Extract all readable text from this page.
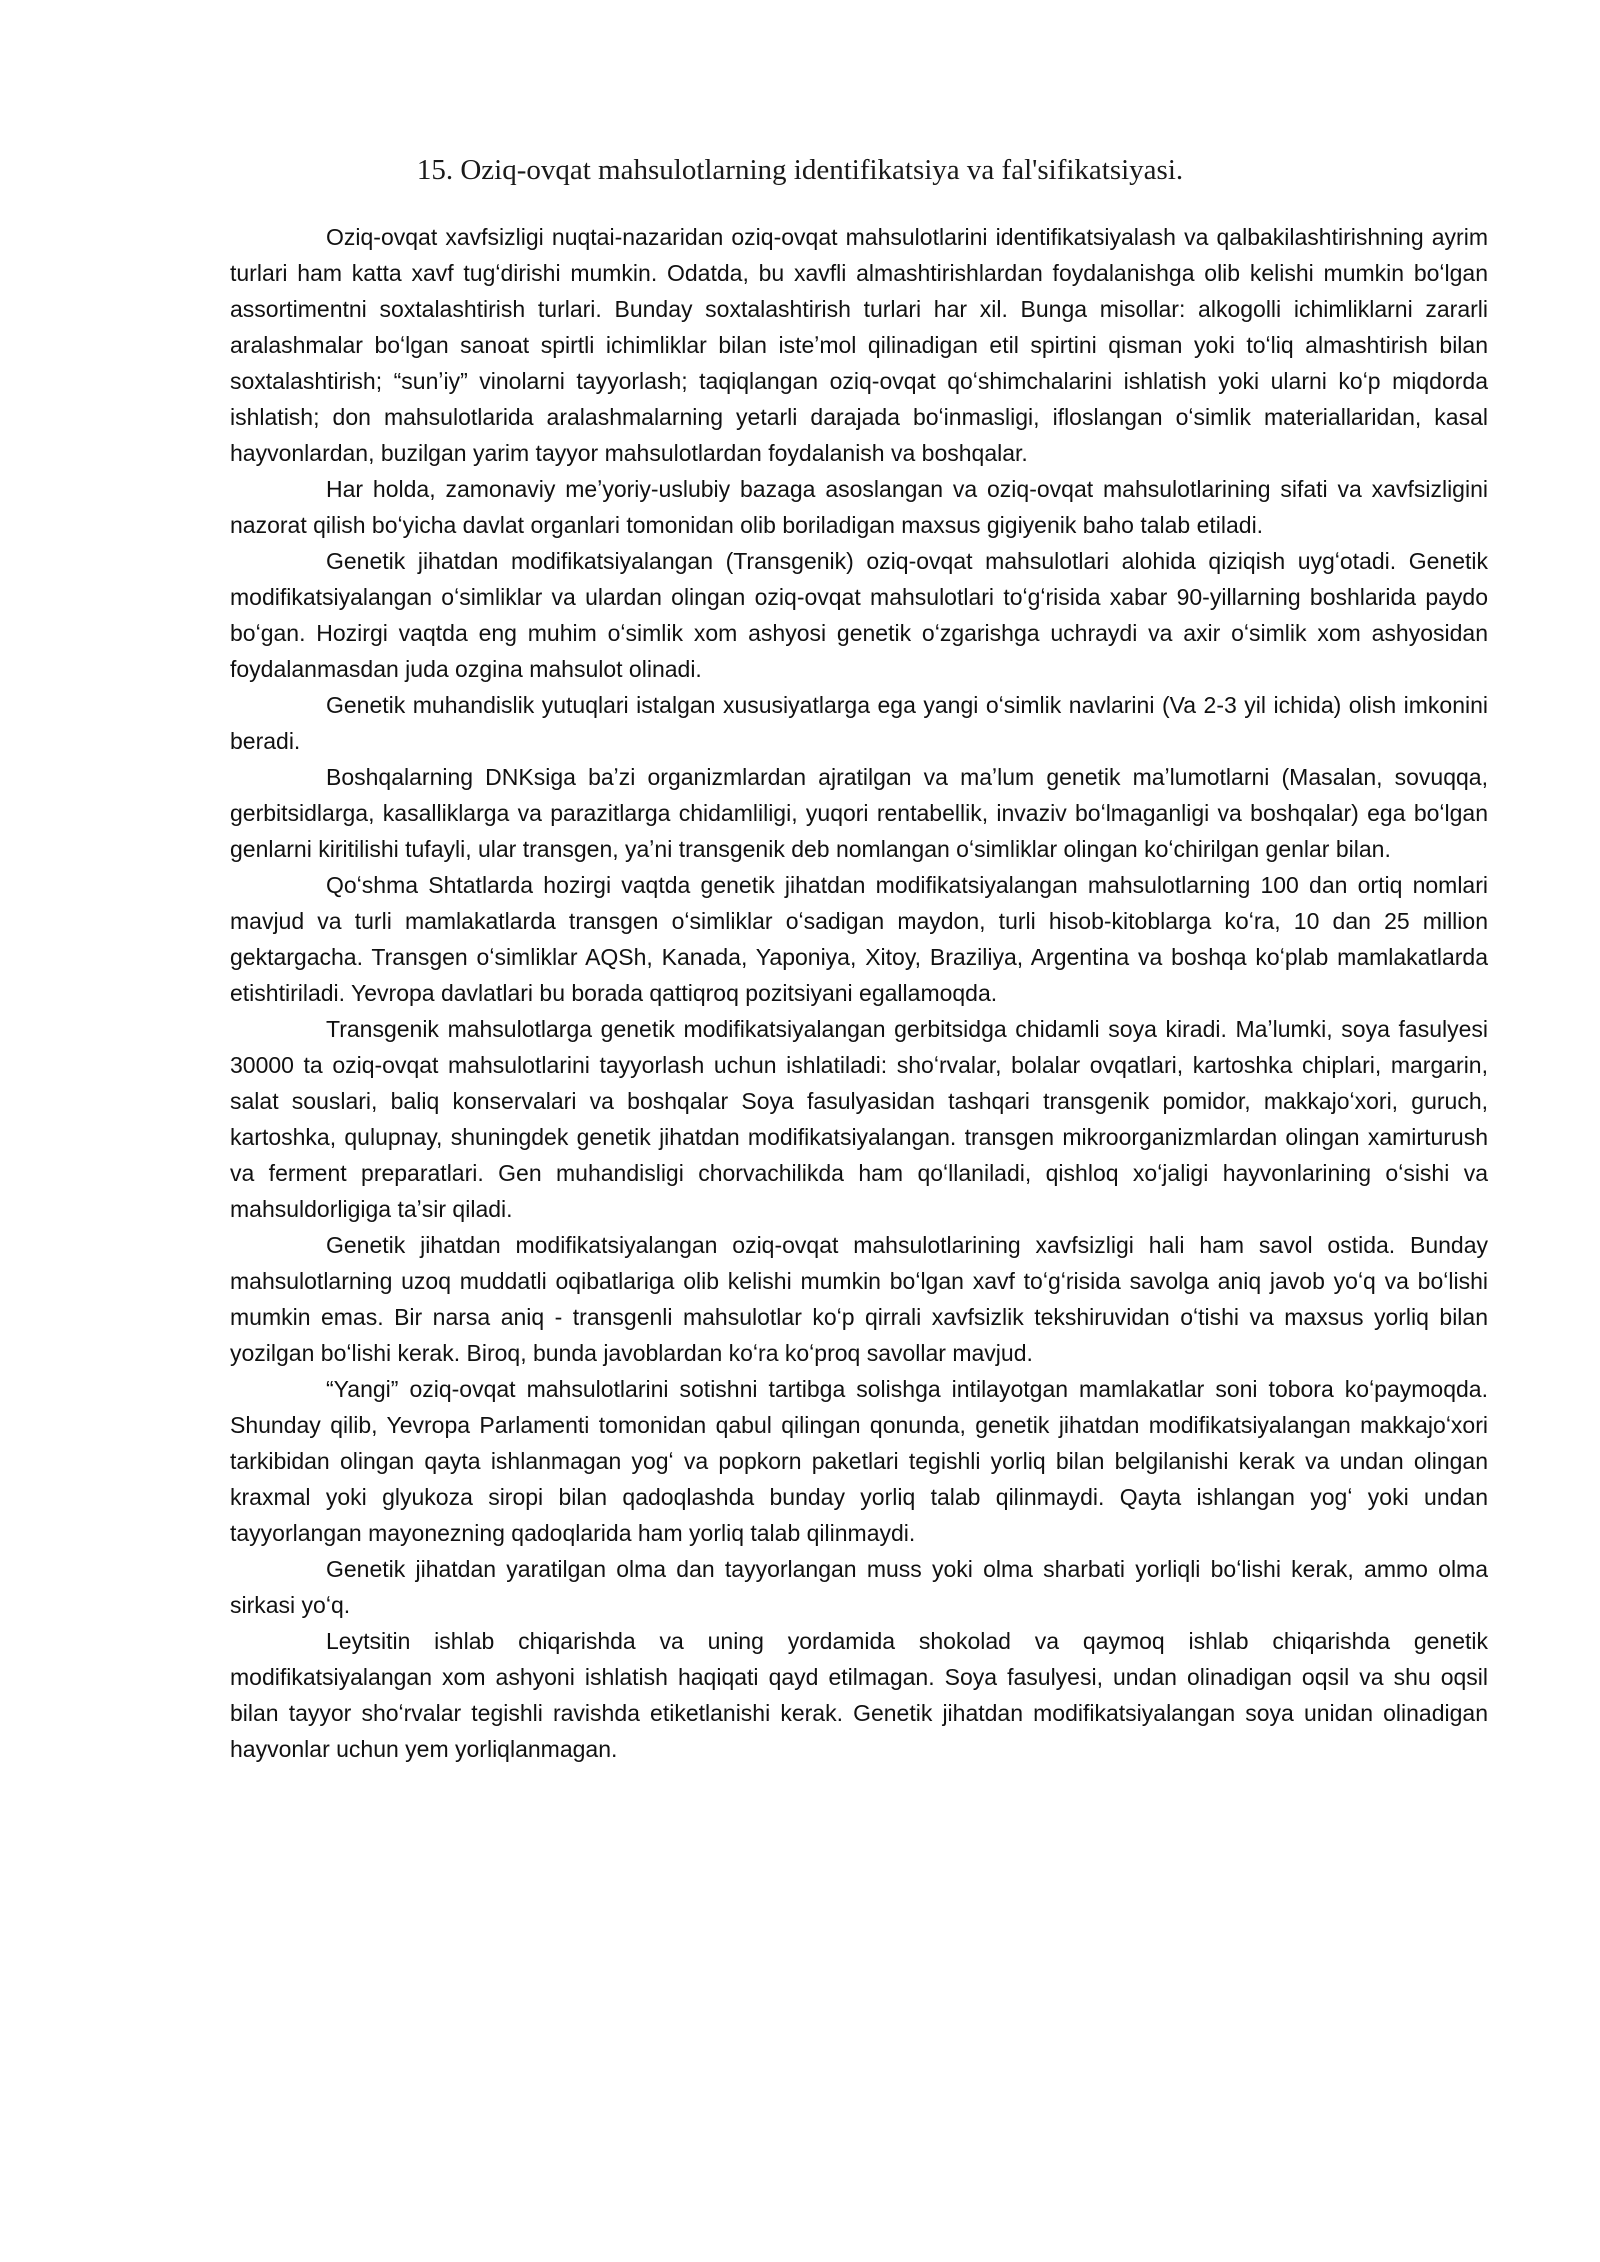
15. Oziq-ovqat mahsulotlarning identifikatsiya va fal'sifikatsiyasi.

Oziq-ovqat xavfsizligi nuqtai-nazaridan oziq-ovqat mahsulotlarini identifikatsiyalash va qalbakilashtirishning ayrim turlari ham katta xavf tugʻdirishi mumkin. Odatda, bu xavfli almashtirishlardan foydalanishga olib kelishi mumkin boʻlgan assortimentni soxtalashtirish turlari. Bunday soxtalashtirish turlari har xil. Bunga misollar: alkogolli ichimliklarni zararli aralashmalar boʻlgan sanoat spirtli ichimliklar bilan isteʼmol qilinadigan etil spirtini qisman yoki toʻliq almashtirish bilan soxtalashtirish; “sunʼiy” vinolarni tayyorlash; taqiqlangan oziq-ovqat qoʻshimchalarini ishlatish yoki ularni koʻp miqdorda ishlatish; don mahsulotlarida aralashmalarning yetarli darajada boʻinmasligi, ifloslangan oʻsimlik materiallaridan, kasal hayvonlardan, buzilgan yarim tayyor mahsulotlardan foydalanish va boshqalar.

Har holda, zamonaviy meʼyoriy-uslubiy bazaga asoslangan va oziq-ovqat mahsulotlarining sifati va xavfsizligini nazorat qilish boʻyicha davlat organlari tomonidan olib boriladigan maxsus gigiyenik baho talab etiladi.

Genetik jihatdan modifikatsiyalangan (Transgenik) oziq-ovqat mahsulotlari alohida qiziqish uygʻotadi. Genetik modifikatsiyalangan oʻsimliklar va ulardan olingan oziq-ovqat mahsulotlari toʻgʻrisida xabar 90-yillarning boshlarida paydo boʻgan. Hozirgi vaqtda eng muhim oʻsimlik xom ashyosi genetik oʻzgarishga uchraydi va axir oʻsimlik xom ashyosidan foydalanmasdan juda ozgina mahsulot olinadi.

Genetik muhandislik yutuqlari istalgan xususiyatlarga ega yangi oʻsimlik navlarini (Va 2-3 yil ichida) olish imkonini beradi.

Boshqalarning DNKsiga baʼzi organizmlardan ajratilgan va maʼlum genetik maʼlumotlarni (Masalan, sovuqqa, gerbitsidlarga, kasalliklarga va parazitlarga chidamliligi, yuqori rentabellik, invaziv boʻlmaganligi va boshqalar) ega boʻlgan genlarni kiritilishi tufayli, ular transgen, yaʼni transgenik deb nomlangan oʻsimliklar olingan koʻchirilgan genlar bilan.

Qoʻshma Shtatlarda hozirgi vaqtda genetik jihatdan modifikatsiyalangan mahsulotlarning 100 dan ortiq nomlari mavjud va turli mamlakatlarda transgen oʻsimliklar oʻsadigan maydon, turli hisob-kitoblarga koʻra, 10 dan 25 million gektargacha. Transgen oʻsimliklar AQSh, Kanada, Yaponiya, Xitoy, Braziliya, Argentina va boshqa koʻplab mamlakatlarda etishtiriladi. Yevropa davlatlari bu borada qattiqroq pozitsiyani egallamoqda.

Transgenik mahsulotlarga genetik modifikatsiyalangan gerbitsidga chidamli soya kiradi. Maʼlumki, soya fasulyesi 30000 ta oziq-ovqat mahsulotlarini tayyorlash uchun ishlatiladi: shoʻrvalar, bolalar ovqatlari, kartoshka chiplari, margarin, salat souslari, baliq konservalari va boshqalar Soya fasulyasidan tashqari transgenik pomidor, makkajoʻxori, guruch, kartoshka, qulupnay, shuningdek genetik jihatdan modifikatsiyalangan. transgen mikroorganizmlardan olingan xamirturush va ferment preparatlari. Gen muhandisligi chorvachilikda ham qoʻllaniladi, qishloq xoʻjaligi hayvonlarining oʻsishi va mahsuldorligiga taʼsir qiladi.

Genetik jihatdan modifikatsiyalangan oziq-ovqat mahsulotlarining xavfsizligi hali ham savol ostida. Bunday mahsulotlarning uzoq muddatli oqibatlariga olib kelishi mumkin boʻlgan xavf toʻgʻrisida savolga aniq javob yoʻq va boʻlishi mumkin emas. Bir narsa aniq - transgenli mahsulotlar koʻp qirrali xavfsizlik tekshiruvidan oʻtishi va maxsus yorliq bilan yozilgan boʻlishi kerak. Biroq, bunda javoblardan koʻra koʻproq savollar mavjud.

“Yangi” oziq-ovqat mahsulotlarini sotishni tartibga solishga intilayotgan mamlakatlar soni tobora koʻpaymoqda. Shunday qilib, Yevropa Parlamenti tomonidan qabul qilingan qonunda, genetik jihatdan modifikatsiyalangan makkajoʻxori tarkibidan olingan qayta ishlanmagan yogʻ va popkorn paketlari tegishli yorliq bilan belgilanishi kerak va undan olingan kraxmal yoki glyukoza siropi bilan qadoqlashda bunday yorliq talab qilinmaydi. Qayta ishlangan yogʻ yoki undan tayyorlangan mayonezning qadoqlarida ham yorliq talab qilinmaydi.

Genetik jihatdan yaratilgan olma dan tayyorlangan muss yoki olma sharbati yorliqli boʻlishi kerak, ammo olma sirkasi yoʻq.

Leytsitin ishlab chiqarishda va uning yordamida shokolad va qaymoq ishlab chiqarishda genetik modifikatsiyalangan xom ashyoni ishlatish haqiqati qayd etilmagan. Soya fasulyesi, undan olinadigan oqsil va shu oqsil bilan tayyor shoʻrvalar tegishli ravishda etiketlanishi kerak. Genetik jihatdan modifikatsiyalangan soya unidan olinadigan hayvonlar uchun yem yorliqlanmagan.
